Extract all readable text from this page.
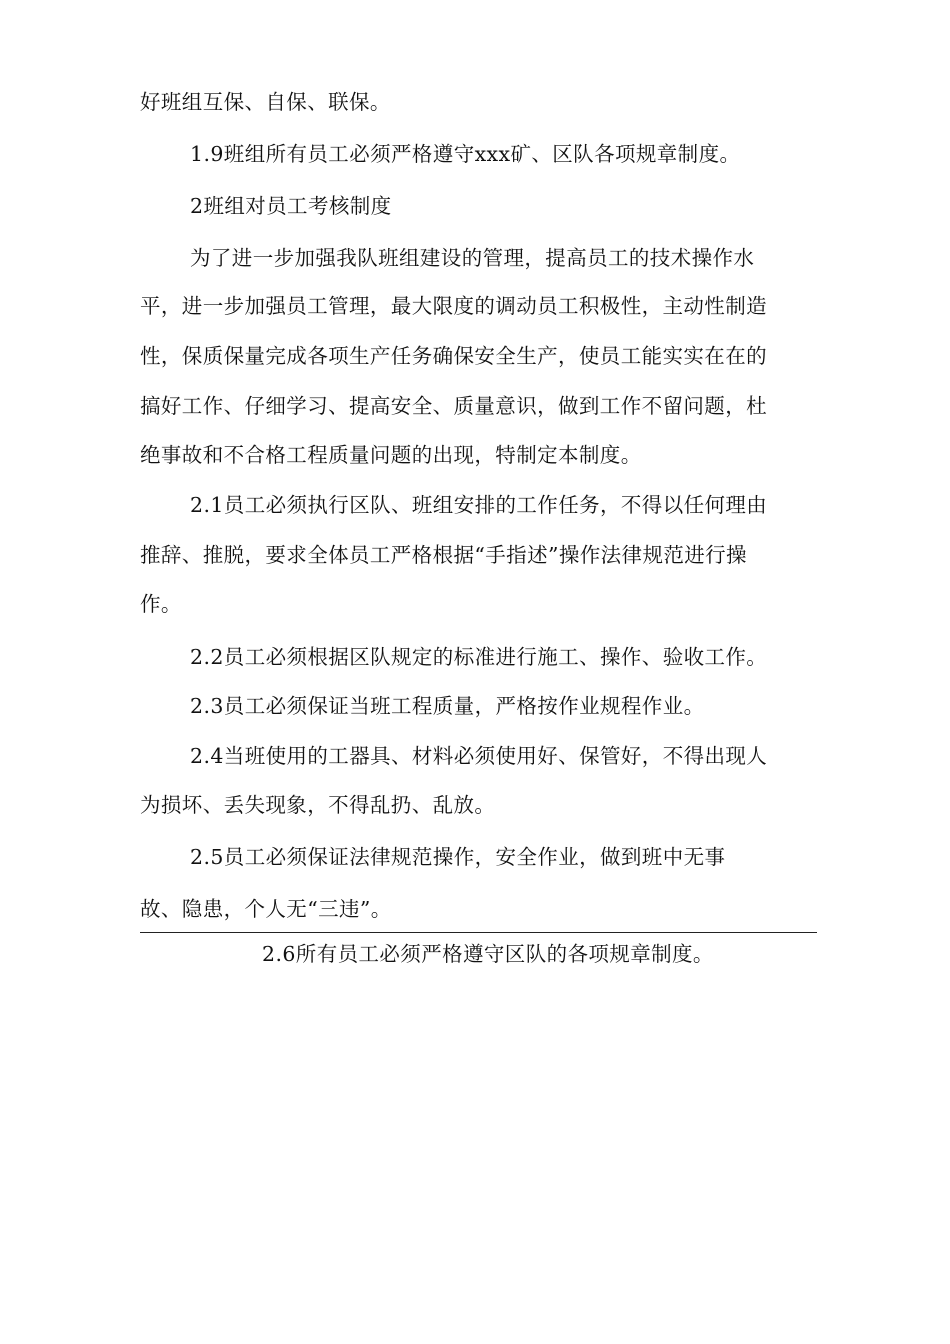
好班组互保、自保、联保。
1.9班组所有员工必须严格遵守xxx矿、区队各项规章制度。
2班组对员工考核制度
为了进一步加强我队班组建设的管理，提高员工的技术操作水
平，进一步加强员工管理，最大限度的调动员工积极性，主动性制造
性，保质保量完成各项生产任务确保安全生产，使员工能实实在在的
搞好工作、仔细学习、提高安全、质量意识，做到工作不留问题，杜
绝事故和不合格工程质量问题的出现，特制定本制度。
2.1员工必须执行区队、班组安排的工作任务，不得以任何理由
推辞、推脱，要求全体员工严格根据“手指述”操作法律规范进行操
作。
2.2员工必须根据区队规定的标准进行施工、操作、验收工作。
2.3员工必须保证当班工程质量，严格按作业规程作业。
2.4当班使用的工器具、材料必须使用好、保管好，不得出现人
为损坏、丢失现象，不得乱扔、乱放。
2.5员工必须保证法律规范操作，安全作业，做到班中无事
故、隐患，个人无“三违”。
2.6所有员工必须严格遵守区队的各项规章制度。
